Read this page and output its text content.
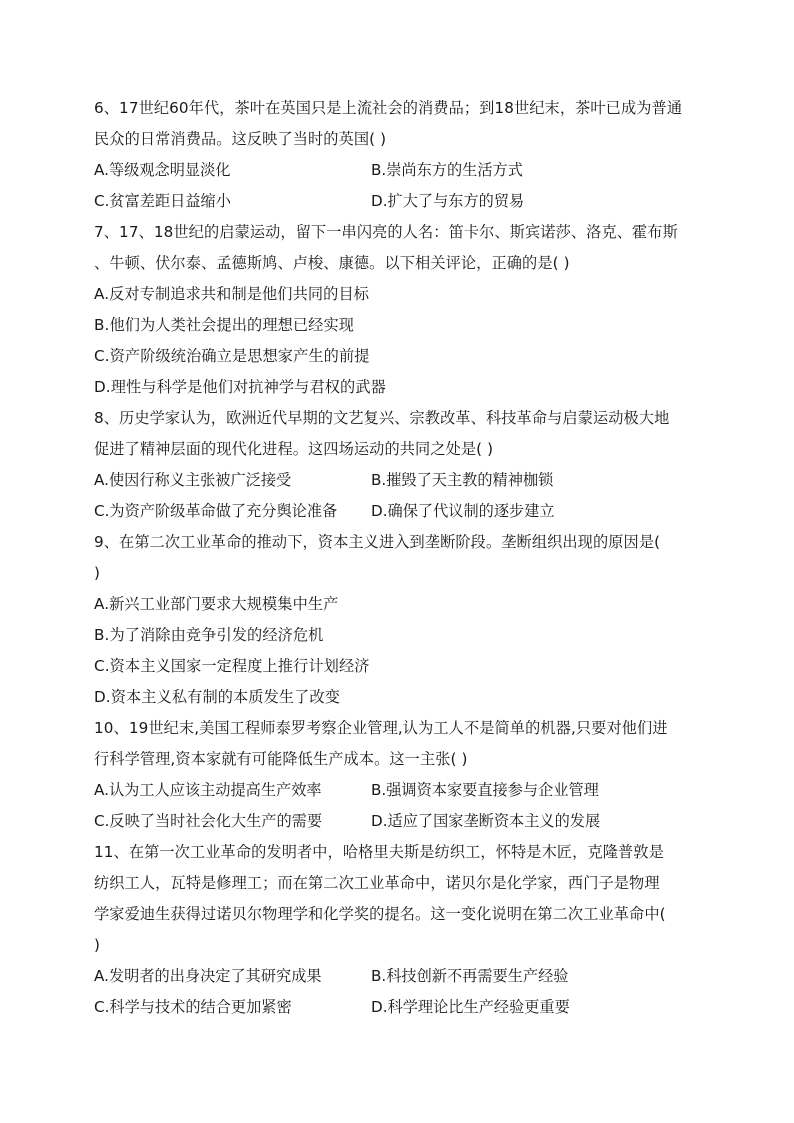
6、17世纪60年代，茶叶在英国只是上流社会的消费品；到18世纪末，茶叶已成为普通
民众的日常消费品。这反映了当时的英国( )
A.等级观念明显淡化	B.崇尚东方的生活方式
C.贫富差距日益缩小	D.扩大了与东方的贸易
7、17、18世纪的启蒙运动，留下一串闪亮的人名：笛卡尔、斯宾诺莎、洛克、霍布斯
、牛顿、伏尔泰、孟德斯鸠、卢梭、康德。以下相关评论，正确的是( )
A.反对专制追求共和制是他们共同的目标
B.他们为人类社会提出的理想已经实现
C.资产阶级统治确立是思想家产生的前提
D.理性与科学是他们对抗神学与君权的武器
8、历史学家认为，欧洲近代早期的文艺复兴、宗教改革、科技革命与启蒙运动极大地
促进了精神层面的现代化进程。这四场运动的共同之处是( )
A.使因行称义主张被广泛接受	B.摧毁了天主教的精神枷锁
C.为资产阶级革命做了充分舆论准备	D.确保了代议制的逐步建立
9、在第二次工业革命的推动下，资本主义进入到垄断阶段。垄断组织出现的原因是(
)
A.新兴工业部门要求大规模集中生产
B.为了消除由竞争引发的经济危机
C.资本主义国家一定程度上推行计划经济
D.资本主义私有制的本质发生了改变
10、19世纪末,美国工程师泰罗考察企业管理,认为工人不是简单的机器,只要对他们进
行科学管理,资本家就有可能降低生产成本。这一主张( )
A.认为工人应该主动提高生产效率	B.强调资本家要直接参与企业管理
C.反映了当时社会化大生产的需要	D.适应了国家垄断资本主义的发展
11、在第一次工业革命的发明者中，哈格里夫斯是纺织工，怀特是木匠，克隆普敦是
纺织工人，瓦特是修理工；而在第二次工业革命中，诺贝尔是化学家，西门子是物理
学家爱迪生获得过诺贝尔物理学和化学奖的提名。这一变化说明在第二次工业革命中(
)
A.发明者的出身决定了其研究成果	B.科技创新不再需要生产经验
C.科学与技术的结合更加紧密	D.科学理论比生产经验更重要
